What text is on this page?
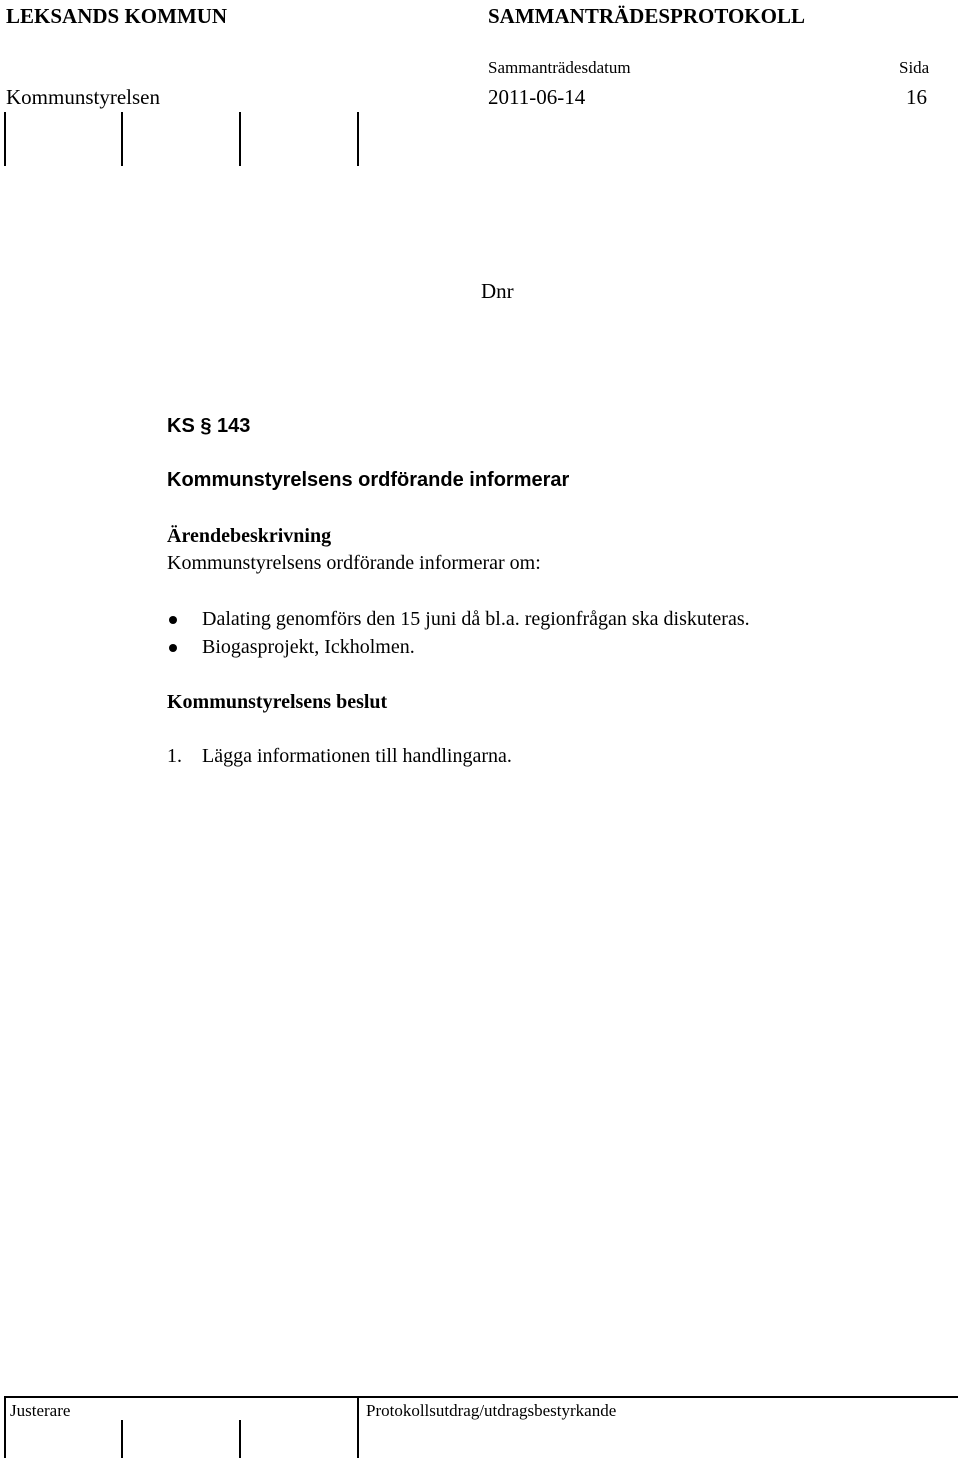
LEKSANDS KOMMUN	SAMMANTRÄDESPROTOKOLL
Sammanträdesdatum	Sida
Kommunstyrelsen	2011-06-14	16
Dnr
KS § 143
Kommunstyrelsens ordförande informerar
Ärendebeskrivning
Kommunstyrelsens ordförande informerar om:
Dalating genomförs den 15 juni då bl.a. regionfrågan ska diskuteras.
Biogasprojekt, Ickholmen.
Kommunstyrelsens beslut
1. Lägga informationen till handlingarna.
Justerare	Protokollsutdrag/utdragsbestyrkande
